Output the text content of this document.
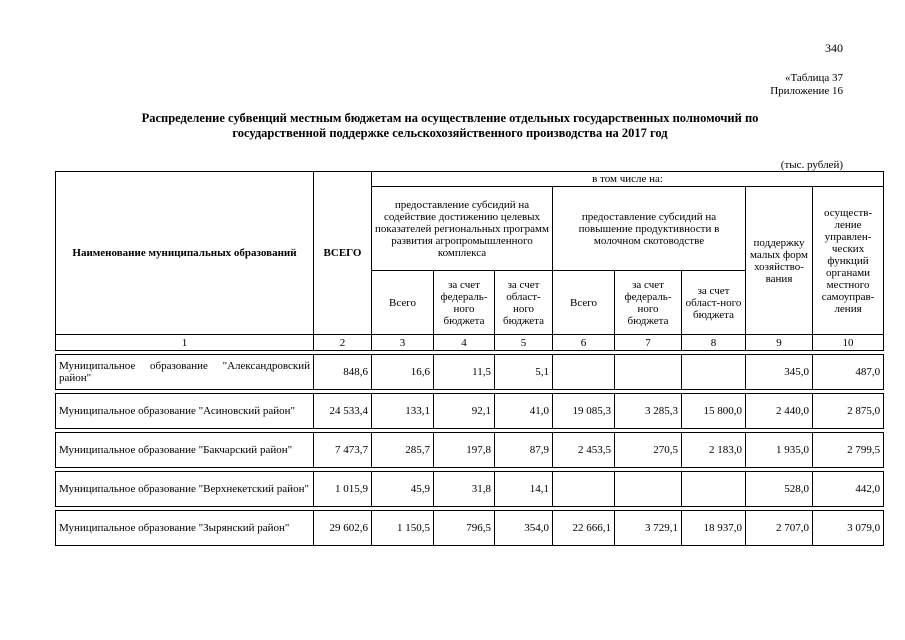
340
«Таблица 37
Приложение 16
Распределение субвенций местным бюджетам на осуществление отдельных государственных полномочий по
государственной поддержке сельскохозяйственного производства на 2017 год
(тыс. рублей)
Наименование муниципальных образований	ВСЕГО	в том числе на:							
		предоставление субсидий на содействие достижению целевых показателей региональных программ развития агропромышленного комплекса			предоставление субсидий на повышение продуктивности в молочном скотоводстве			поддержку малых форм хозяйство-вания	осуществ-ление управлен-ческих функций органами местного самоуправ-ления
		Всего	за счет федераль-ного бюджета	за счет област-ного бюджета	Всего	за счет федераль-ного бюджета	за счет област-ного бюджета		
1	2	3	4	5	6	7	8	9	10

Муниципальное образование "Александровский район"	848,6	16,6	11,5	5,1				345,0	487,0

Муниципальное образование "Асиновский район"	24 533,4	133,1	92,1	41,0	19 085,3	3 285,3	15 800,0	2 440,0	2 875,0

Муниципальное образование "Бакчарский район"	7 473,7	285,7	197,8	87,9	2 453,5	270,5	2 183,0	1 935,0	2 799,5

Муниципальное образование "Верхнекетский район"	1 015,9	45,9	31,8	14,1				528,0	442,0

Муниципальное образование "Зырянский район"	29 602,6	1 150,5	796,5	354,0	22 666,1	3 729,1	18 937,0	2 707,0	3 079,0
